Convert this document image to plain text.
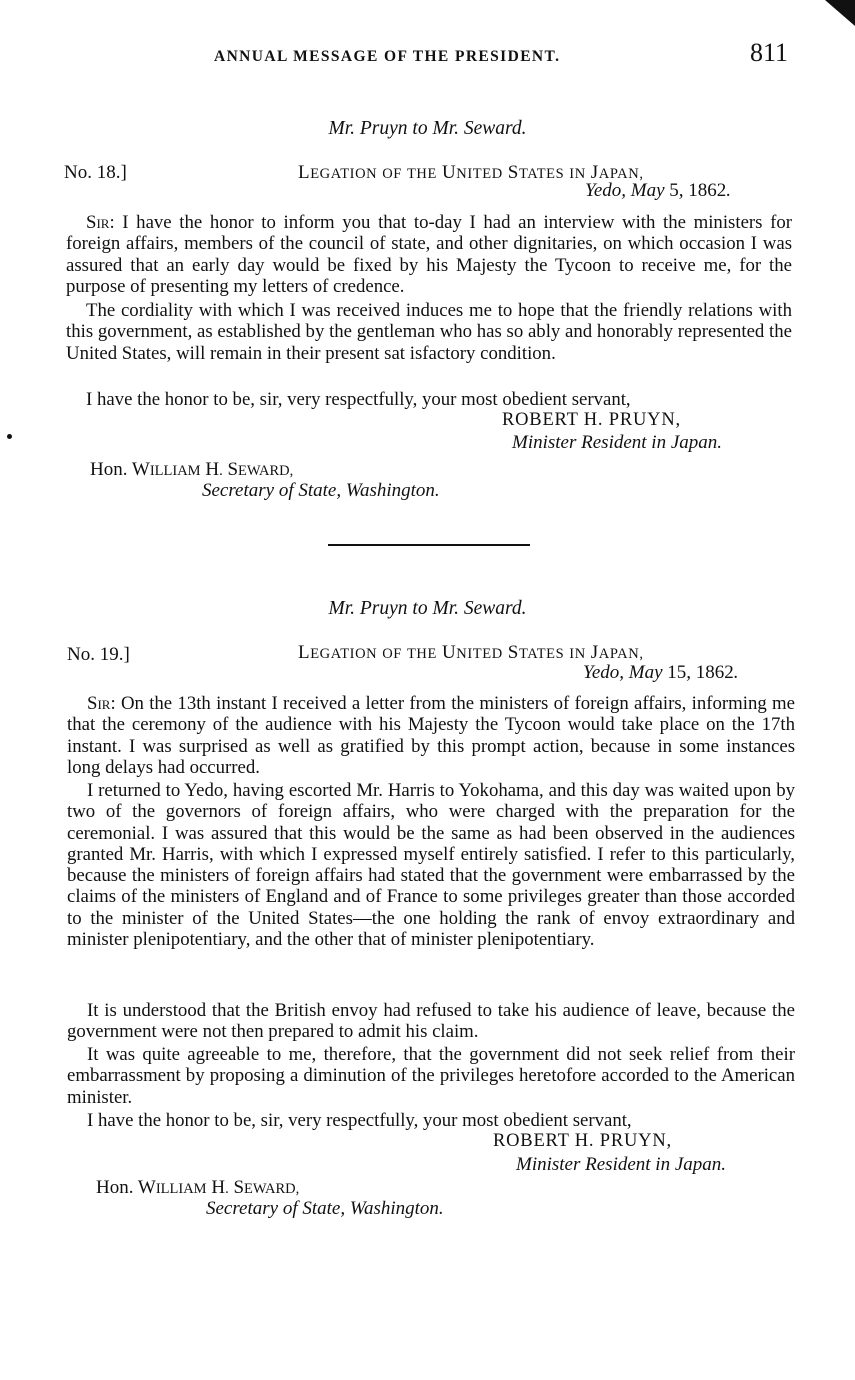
ANNUAL MESSAGE OF THE PRESIDENT.	811
Mr. Pruyn to Mr. Seward.
No. 18.]	LEGATION OF THE UNITED STATES IN JAPAN,
Yedo, May 5, 1862.

Sir: I have the honor to inform you that to-day I had an interview with the ministers for foreign affairs, members of the council of state, and other dignitaries, on which occasion I was assured that an early day would be fixed by his Majesty the Tycoon to receive me, for the purpose of presenting my letters of credence.

The cordiality with which I was received induces me to hope that the friendly relations with this government, as established by the gentleman who has so ably and honorably represented the United States, will remain in their present sat isfactory condition.

I have the honor to be, sir, very respectfully, your most obedient servant,

ROBERT H. PRUYN,
Minister Resident in Japan.
Hon. WILLIAM H. SEWARD,
Secretary of State, Washington.
Mr. Pruyn to Mr. Seward.
No. 19.]	LEGATION OF THE UNITED STATES IN JAPAN,
Yedo, May 15, 1862.

Sir: On the 13th instant I received a letter from the ministers of foreign affairs, informing me that the ceremony of the audience with his Majesty the Tycoon would take place on the 17th instant. I was surprised as well as gratified by this prompt action, because in some instances long delays had occurred.

I returned to Yedo, having escorted Mr. Harris to Yokohama, and this day was waited upon by two of the governors of foreign affairs, who were charged with the preparation for the ceremonial. I was assured that this would be the same as had been observed in the audiences granted Mr. Harris, with which I expressed myself entirely satisfied. I refer to this particularly, because the ministers of foreign affairs had stated that the government were embarrassed by the claims of the ministers of England and of France to some privileges greater than those accorded to the minister of the United States—the one holding the rank of envoy extraordinary and minister plenipotentiary, and the other that of minister plenipotentiary.

It is understood that the British envoy had refused to take his audience of leave, because the government were not then prepared to admit his claim.

It was quite agreeable to me, therefore, that the government did not seek relief from their embarrassment by proposing a diminution of the privileges heretofore accorded to the American minister.

I have the honor to be, sir, very respectfully, your most obedient servant,

ROBERT H. PRUYN,
Minister Resident in Japan.
Hon. WILLIAM H. SEWARD,
Secretary of State, Washington.
